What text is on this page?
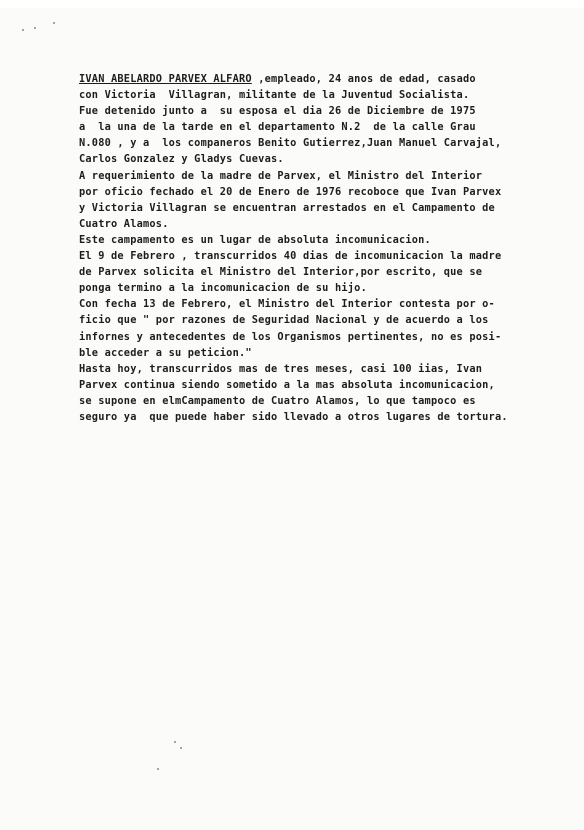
IVAN ABELARDO PARVEX ALFARO ,empleado, 24 anos de edad, casado
con Victoria  Villagran, militante de la Juventud Socialista.
Fue detenido junto a  su esposa el dia 26 de Diciembre de 1975
a  la una de la tarde en el departamento N.2  de la calle Grau
N.080 , y a  los companeros Benito Gutierrez,Juan Manuel Carvajal,
Carlos Gonzalez y Gladys Cuevas.
A requerimiento de la madre de Parvex, el Ministro del Interior
por oficio fechado el 20 de Enero de 1976 recoboce que Ivan Parvex
y Victoria Villagran se encuentran arrestados en el Campamento de
Cuatro Alamos.
Este campamento es un lugar de absoluta incomunicacion.
El 9 de Febrero , transcurridos 40 dias de incomunicacion la madre
de Parvex solicita el Ministro del Interior,por escrito, que se
ponga termino a la incomunicacion de su hijo.
Con fecha 13 de Febrero, el Ministro del Interior contesta por o-
ficio que " por razones de Seguridad Nacional y de acuerdo a los
infornes y antecedentes de los Organismos pertinentes, no es posi-
ble acceder a su peticion."
Hasta hoy, transcurridos mas de tres meses, casi 100 iias, Ivan
Parvex continua siendo sometido a la mas absoluta incomunicacion,
se supone en elmCampamento de Cuatro Alamos, lo que tampoco es
seguro ya  que puede haber sido llevado a otros lugares de tortura.
